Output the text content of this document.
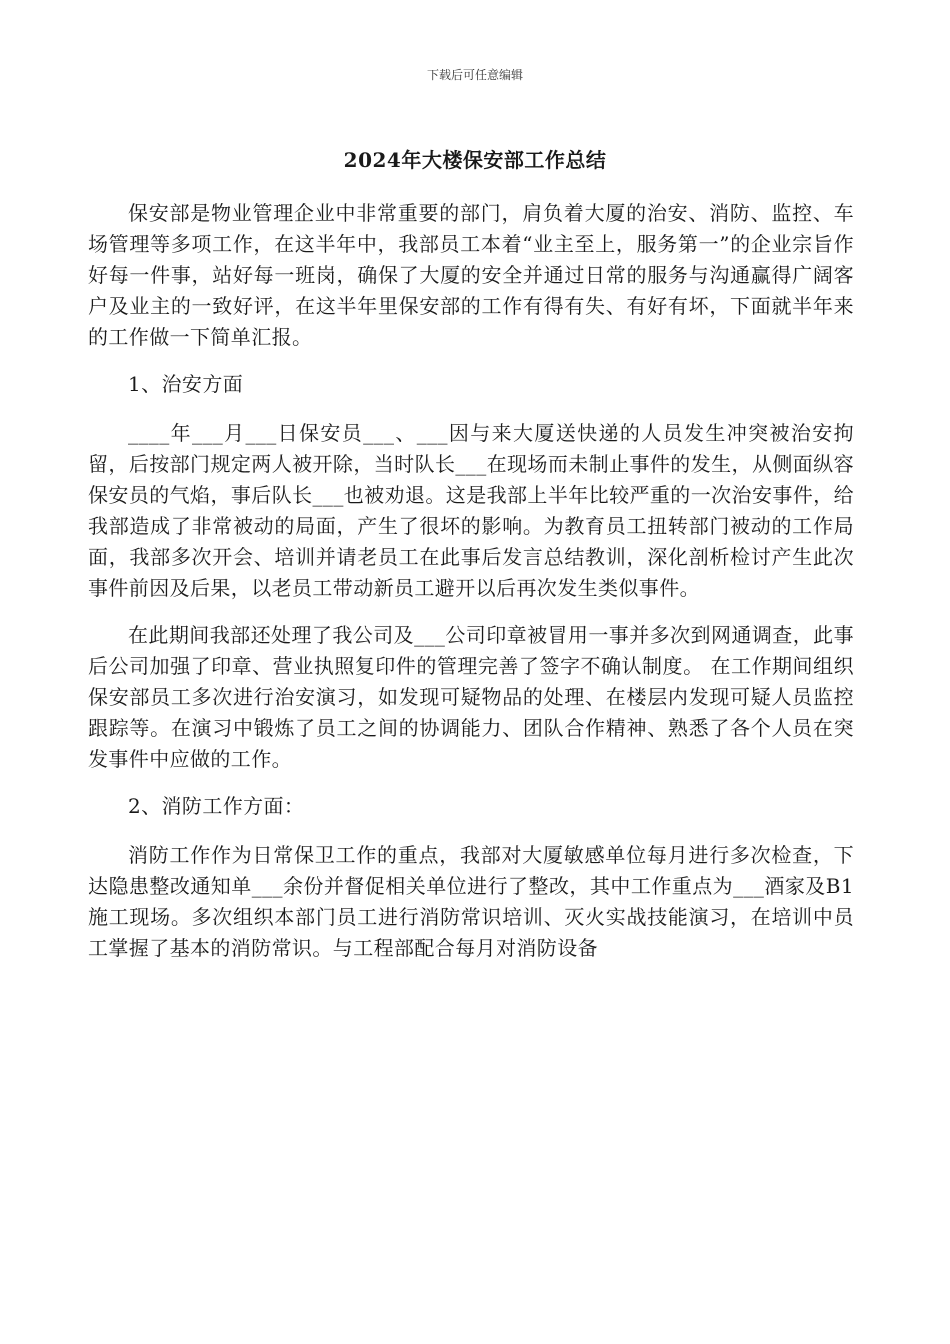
下载后可任意编辑
2024年大楼保安部工作总结

保安部是物业管理企业中非常重要的部门，肩负着大厦的治安、消防、监控、车场管理等多项工作，在这半年中，我部员工本着“业主至上，服务第一”的企业宗旨作好每一件事，站好每一班岗，确保了大厦的安全并通过日常的服务与沟通赢得广阔客户及业主的一致好评，在这半年里保安部的工作有得有失、有好有坏，下面就半年来的工作做一下简单汇报。

1、治安方面

____年___月___日保安员___、___因与来大厦送快递的人员发生冲突被治安拘留，后按部门规定两人被开除，当时队长___在现场而未制止事件的发生，从侧面纵容保安员的气焰，事后队长___也被劝退。这是我部上半年比较严重的一次治安事件，给我部造成了非常被动的局面，产生了很坏的影响。为教育员工扭转部门被动的工作局面，我部多次开会、培训并请老员工在此事后发言总结教训，深化剖析检讨产生此次事件前因及后果，以老员工带动新员工避开以后再次发生类似事件。

在此期间我部还处理了我公司及___公司印章被冒用一事并多次到网通调查，此事后公司加强了印章、营业执照复印件的管理完善了签字不确认制度。 在工作期间组织保安部员工多次进行治安演习，如发现可疑物品的处理、在楼层内发现可疑人员监控跟踪等。在演习中锻炼了员工之间的协调能力、团队合作精神、熟悉了各个人员在突发事件中应做的工作。

2、消防工作方面：

消防工作作为日常保卫工作的重点，我部对大厦敏感单位每月进行多次检查，下达隐患整改通知单___余份并督促相关单位进行了整改，其中工作重点为___酒家及B1施工现场。多次组织本部门员工进行消防常识培训、灭火实战技能演习，在培训中员工掌握了基本的消防常识。与工程部配合每月对消防设备
